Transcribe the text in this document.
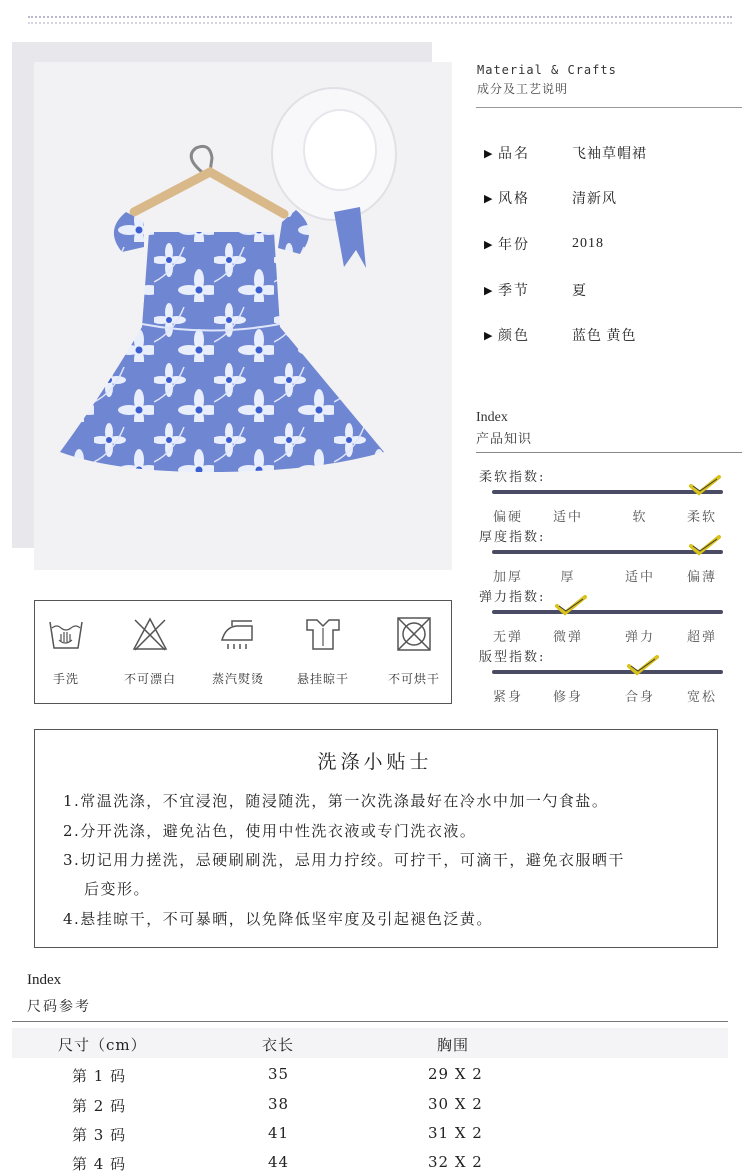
Material & Crafts
成分及工艺说明
▶ 品名	飞袖草帽裙
▶ 风格	清新风
▶ 年份	2018
▶ 季节	夏
▶ 颜色	蓝色 黄色
Index
产品知识
柔软指数:
偏硬	适中	软	柔软
厚度指数:
加厚	厚	适中	偏薄
弹力指数:
无弹	微弹	弹力	超弹
版型指数:
紧身	修身	合身	宽松
手洗	不可漂白	蒸汽熨烫	悬挂晾干	不可烘干
洗涤小贴士
1.常温洗涤，不宜浸泡，随浸随洗，第一次洗涤最好在冷水中加一勺食盐。
2.分开洗涤，避免沾色，使用中性洗衣液或专门洗衣液。
3.切记用力搓洗，忌硬刷刷洗，忌用力拧绞。可拧干，可滴干，避免衣服晒干
后变形。
4.悬挂晾干，不可暴晒，以免降低坚牢度及引起褪色泛黄。
Index
尺码参考
尺寸（cm）	衣长	胸围
第 1 码	35	29 X 2
第 2 码	38	30 X 2
第 3 码	41	31 X 2
第 4 码	44	32 X 2
